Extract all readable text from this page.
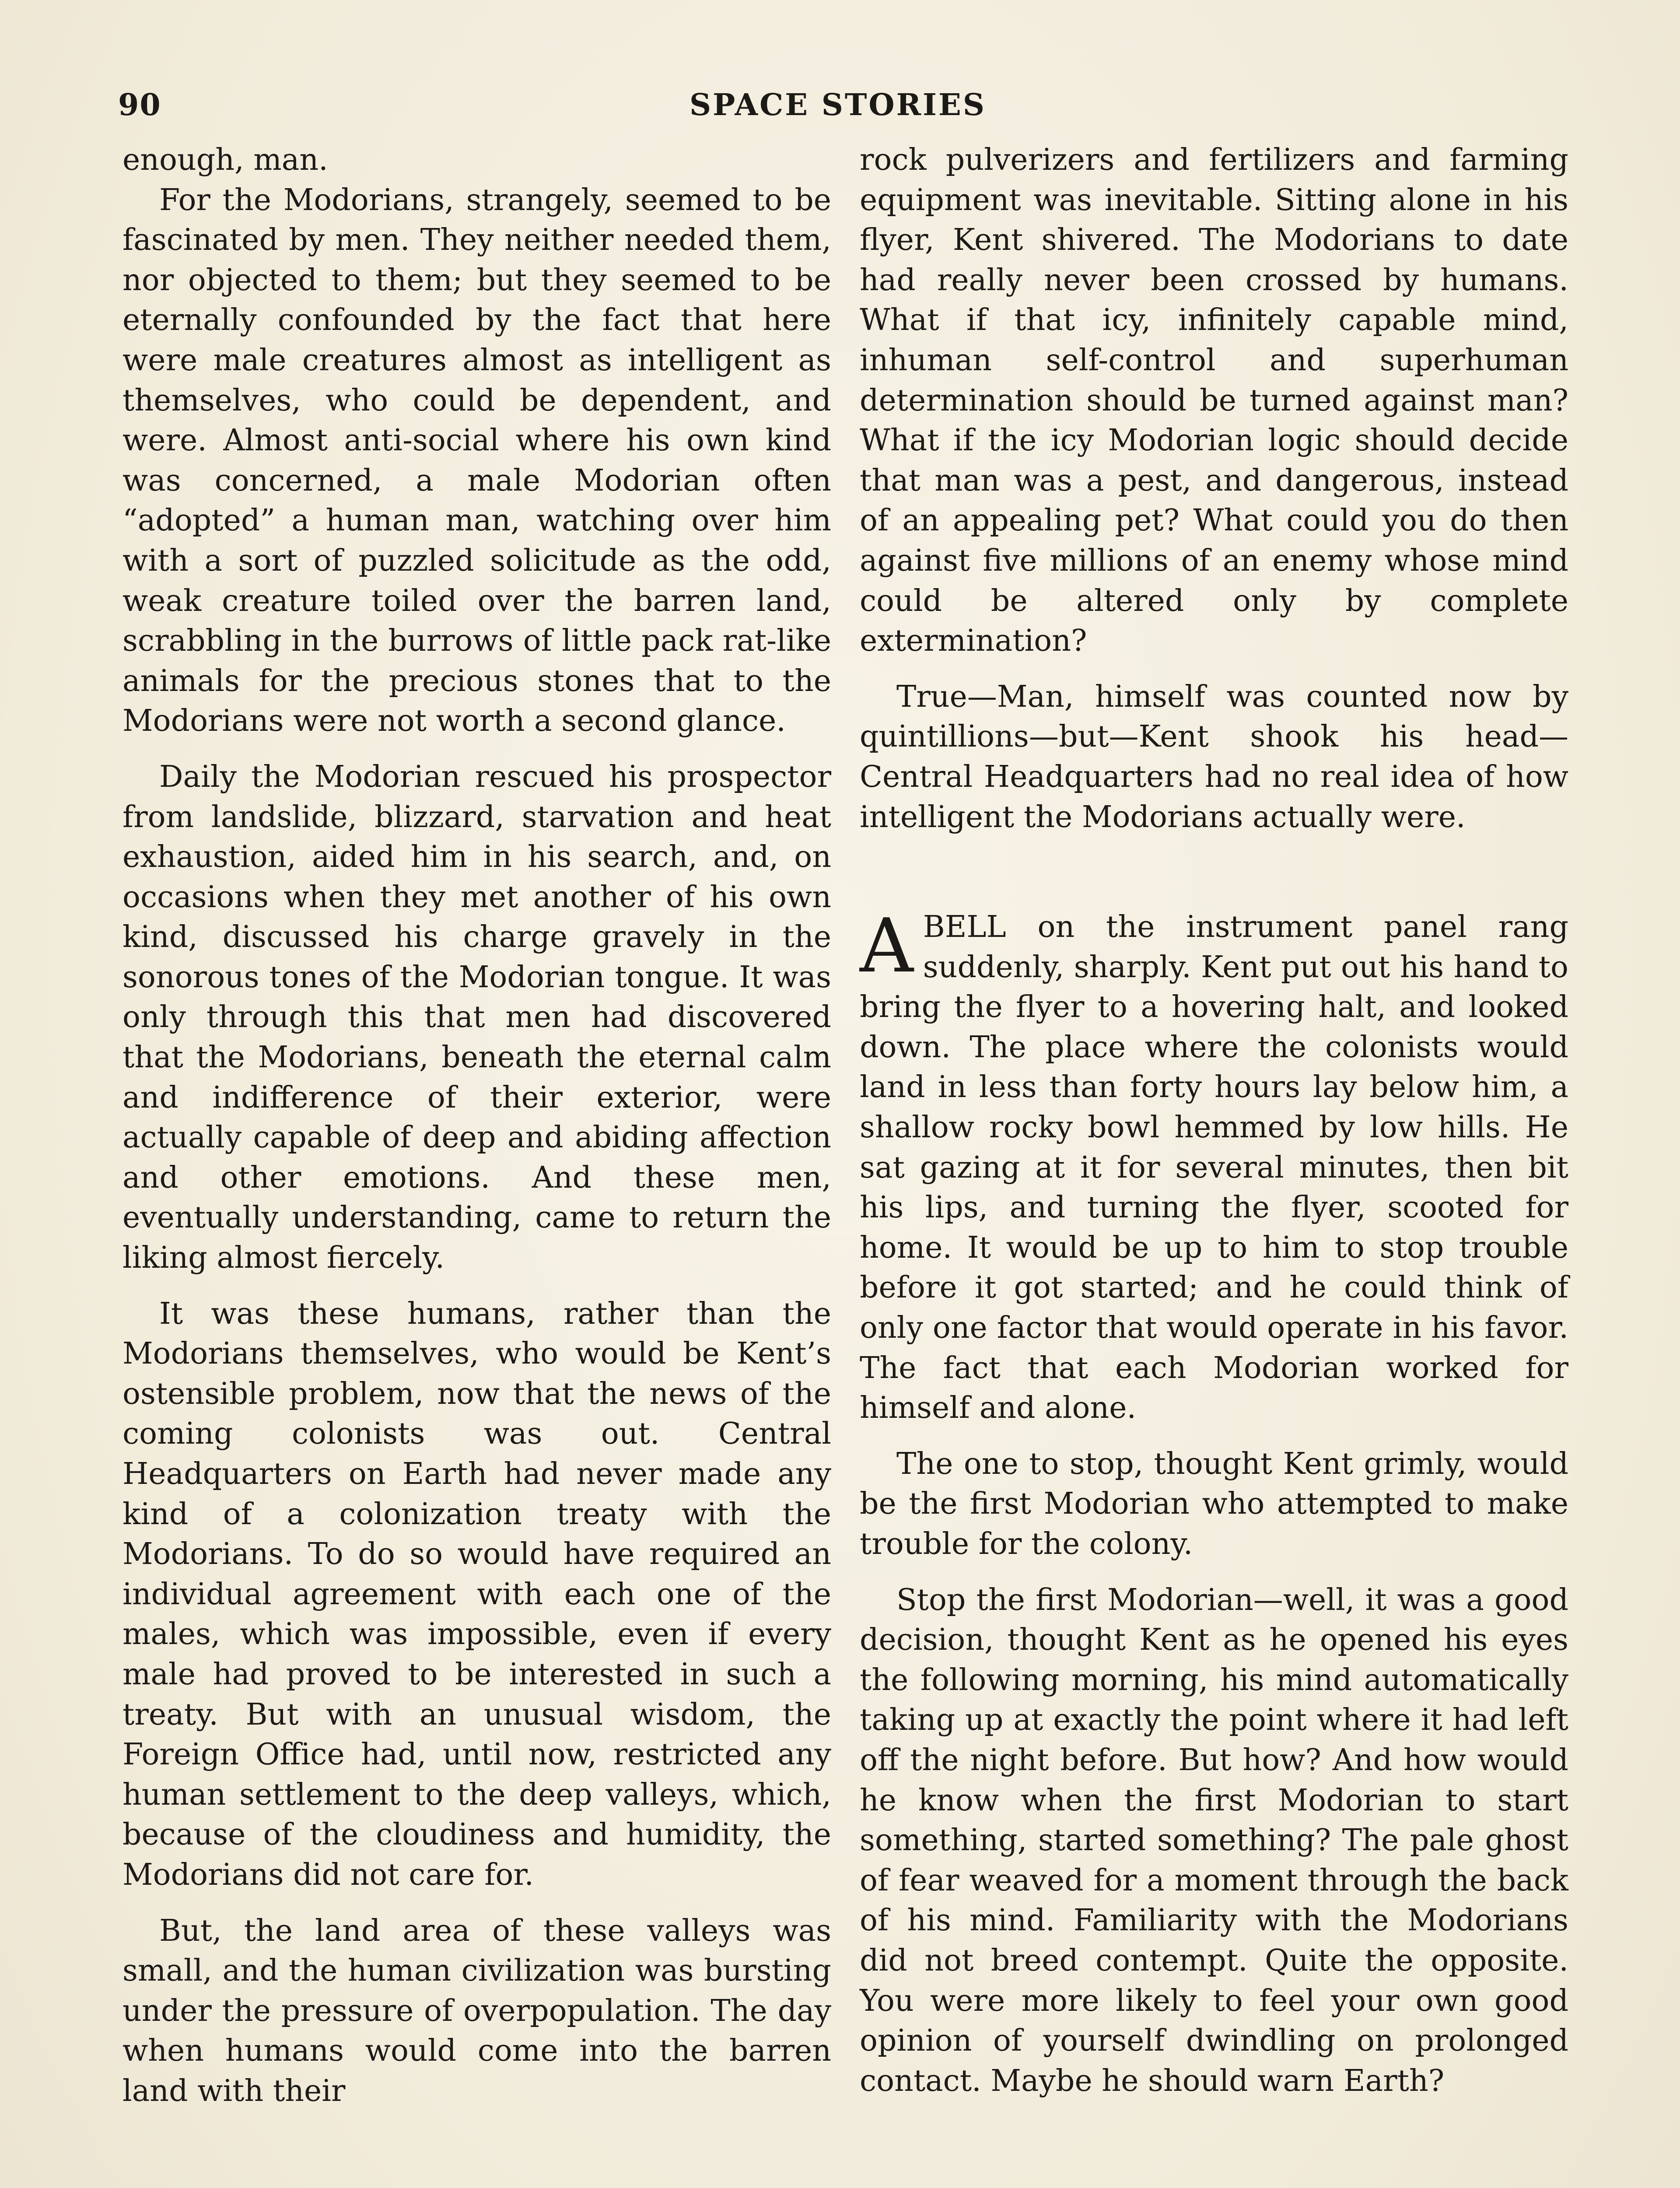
90	SPACE STORIES

enough, man.

For the Modorians, strangely, seemed to be fascinated by men. They neither needed them, nor objected to them; but they seemed to be eternally confounded by the fact that here were male creatures almost as intelligent as themselves, who could be dependent, and were. Almost anti-social where his own kind was concerned, a male Modorian often “adopted” a human man, watching over him with a sort of puzzled solicitude as the odd, weak creature toiled over the barren land, scrabbling in the burrows of little pack rat-like animals for the precious stones that to the Modorians were not worth a second glance.

Daily the Modorian rescued his prospector from landslide, blizzard, starvation and heat exhaustion, aided him in his search, and, on occasions when they met another of his own kind, discussed his charge gravely in the sonorous tones of the Modorian tongue. It was only through this that men had discovered that the Modorians, beneath the eternal calm and indifference of their exterior, were actually capable of deep and abiding affection and other emotions. And these men, eventually understanding, came to return the liking almost fiercely.

It was these humans, rather than the Modorians themselves, who would be Kent’s ostensible problem, now that the news of the coming colonists was out. Central Headquarters on Earth had never made any kind of a colonization treaty with the Modorians. To do so would have required an individual agreement with each one of the males, which was impossible, even if every male had proved to be interested in such a treaty. But with an unusual wisdom, the Foreign Office had, until now, restricted any human settlement to the deep valleys, which, because of the cloudiness and humidity, the Modorians did not care for.

But, the land area of these valleys was small, and the human civilization was bursting under the pressure of overpopulation. The day when humans would come into the barren land with their

rock pulverizers and fertilizers and farming equipment was inevitable. Sitting alone in his flyer, Kent shivered. The Modorians to date had really never been crossed by humans. What if that icy, infinitely capable mind, inhuman self-control and superhuman determination should be turned against man? What if the icy Modorian logic should decide that man was a pest, and dangerous, instead of an appealing pet? What could you do then against five millions of an enemy whose mind could be altered only by complete extermination?

True—Man, himself was counted now by quintillions—but—Kent shook his head—Central Headquarters had no real idea of how intelligent the Modorians actually were.

ABELL on the instrument panel rang suddenly, sharply. Kent put out his hand to bring the flyer to a hovering halt, and looked down. The place where the colonists would land in less than forty hours lay below him, a shallow rocky bowl hemmed by low hills. He sat gazing at it for several minutes, then bit his lips, and turning the flyer, scooted for home. It would be up to him to stop trouble before it got started; and he could think of only one factor that would operate in his favor. The fact that each Modorian worked for himself and alone.

The one to stop, thought Kent grimly, would be the first Modorian who attempted to make trouble for the colony.

Stop the first Modorian—well, it was a good decision, thought Kent as he opened his eyes the following morning, his mind automatically taking up at exactly the point where it had left off the night before. But how? And how would he know when the first Modorian to start something, started something? The pale ghost of fear weaved for a moment through the back of his mind. Familiarity with the Modorians did not breed contempt. Quite the opposite. You were more likely to feel your own good opinion of yourself dwindling on prolonged contact. Maybe he should warn Earth?
